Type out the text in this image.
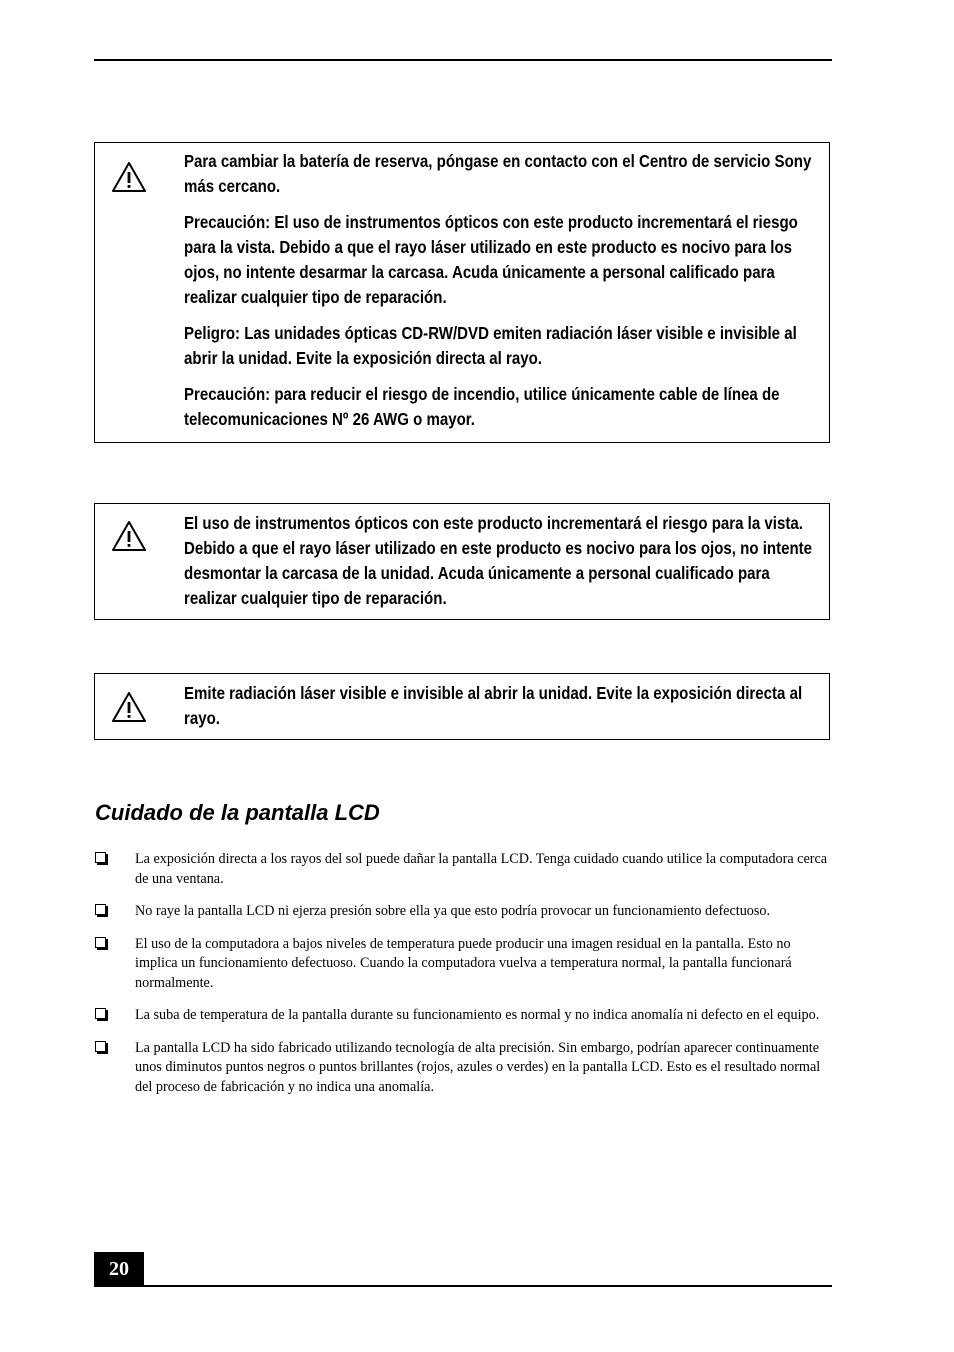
Para cambiar la batería de reserva, póngase en contacto con el Centro de servicio Sony más cercano.

Precaución: El uso de instrumentos ópticos con este producto incrementará el riesgo para la vista. Debido a que el rayo láser utilizado en este producto es nocivo para los ojos, no intente desarmar la carcasa. Acuda únicamente a personal calificado para realizar cualquier tipo de reparación.

Peligro: Las unidades ópticas CD-RW/DVD emiten radiación láser visible e invisible al abrir la unidad. Evite la exposición directa al rayo.

Precaución: para reducir el riesgo de incendio, utilice únicamente cable de línea de telecomunicaciones Nº 26 AWG o mayor.

El uso de instrumentos ópticos con este producto incrementará el riesgo para la vista. Debido a que el rayo láser utilizado en este producto es nocivo para los ojos, no intente desmontar la carcasa de la unidad. Acuda únicamente a personal cualificado para realizar cualquier tipo de reparación.

Emite radiación láser visible e invisible al abrir la unidad. Evite la exposición directa al rayo.

Cuidado de la pantalla LCD
La exposición directa a los rayos del sol puede dañar la pantalla LCD. Tenga cuidado cuando utilice la computadora cerca de una ventana.
No raye la pantalla LCD ni ejerza presión sobre ella ya que esto podría provocar un funcionamiento defectuoso.
El uso de la computadora a bajos niveles de temperatura puede producir una imagen residual en la pantalla. Esto no implica un funcionamiento defectuoso. Cuando la computadora vuelva a temperatura normal, la pantalla funcionará normalmente.
La suba de temperatura de la pantalla durante su funcionamiento es normal y no indica anomalía ni defecto en el equipo.
La pantalla LCD ha sido fabricado utilizando tecnología de alta precisión. Sin embargo, podrían aparecer continuamente unos diminutos puntos negros o puntos brillantes (rojos, azules o verdes) en la pantalla LCD. Esto es el resultado normal del proceso de fabricación y no indica una anomalía.
20
